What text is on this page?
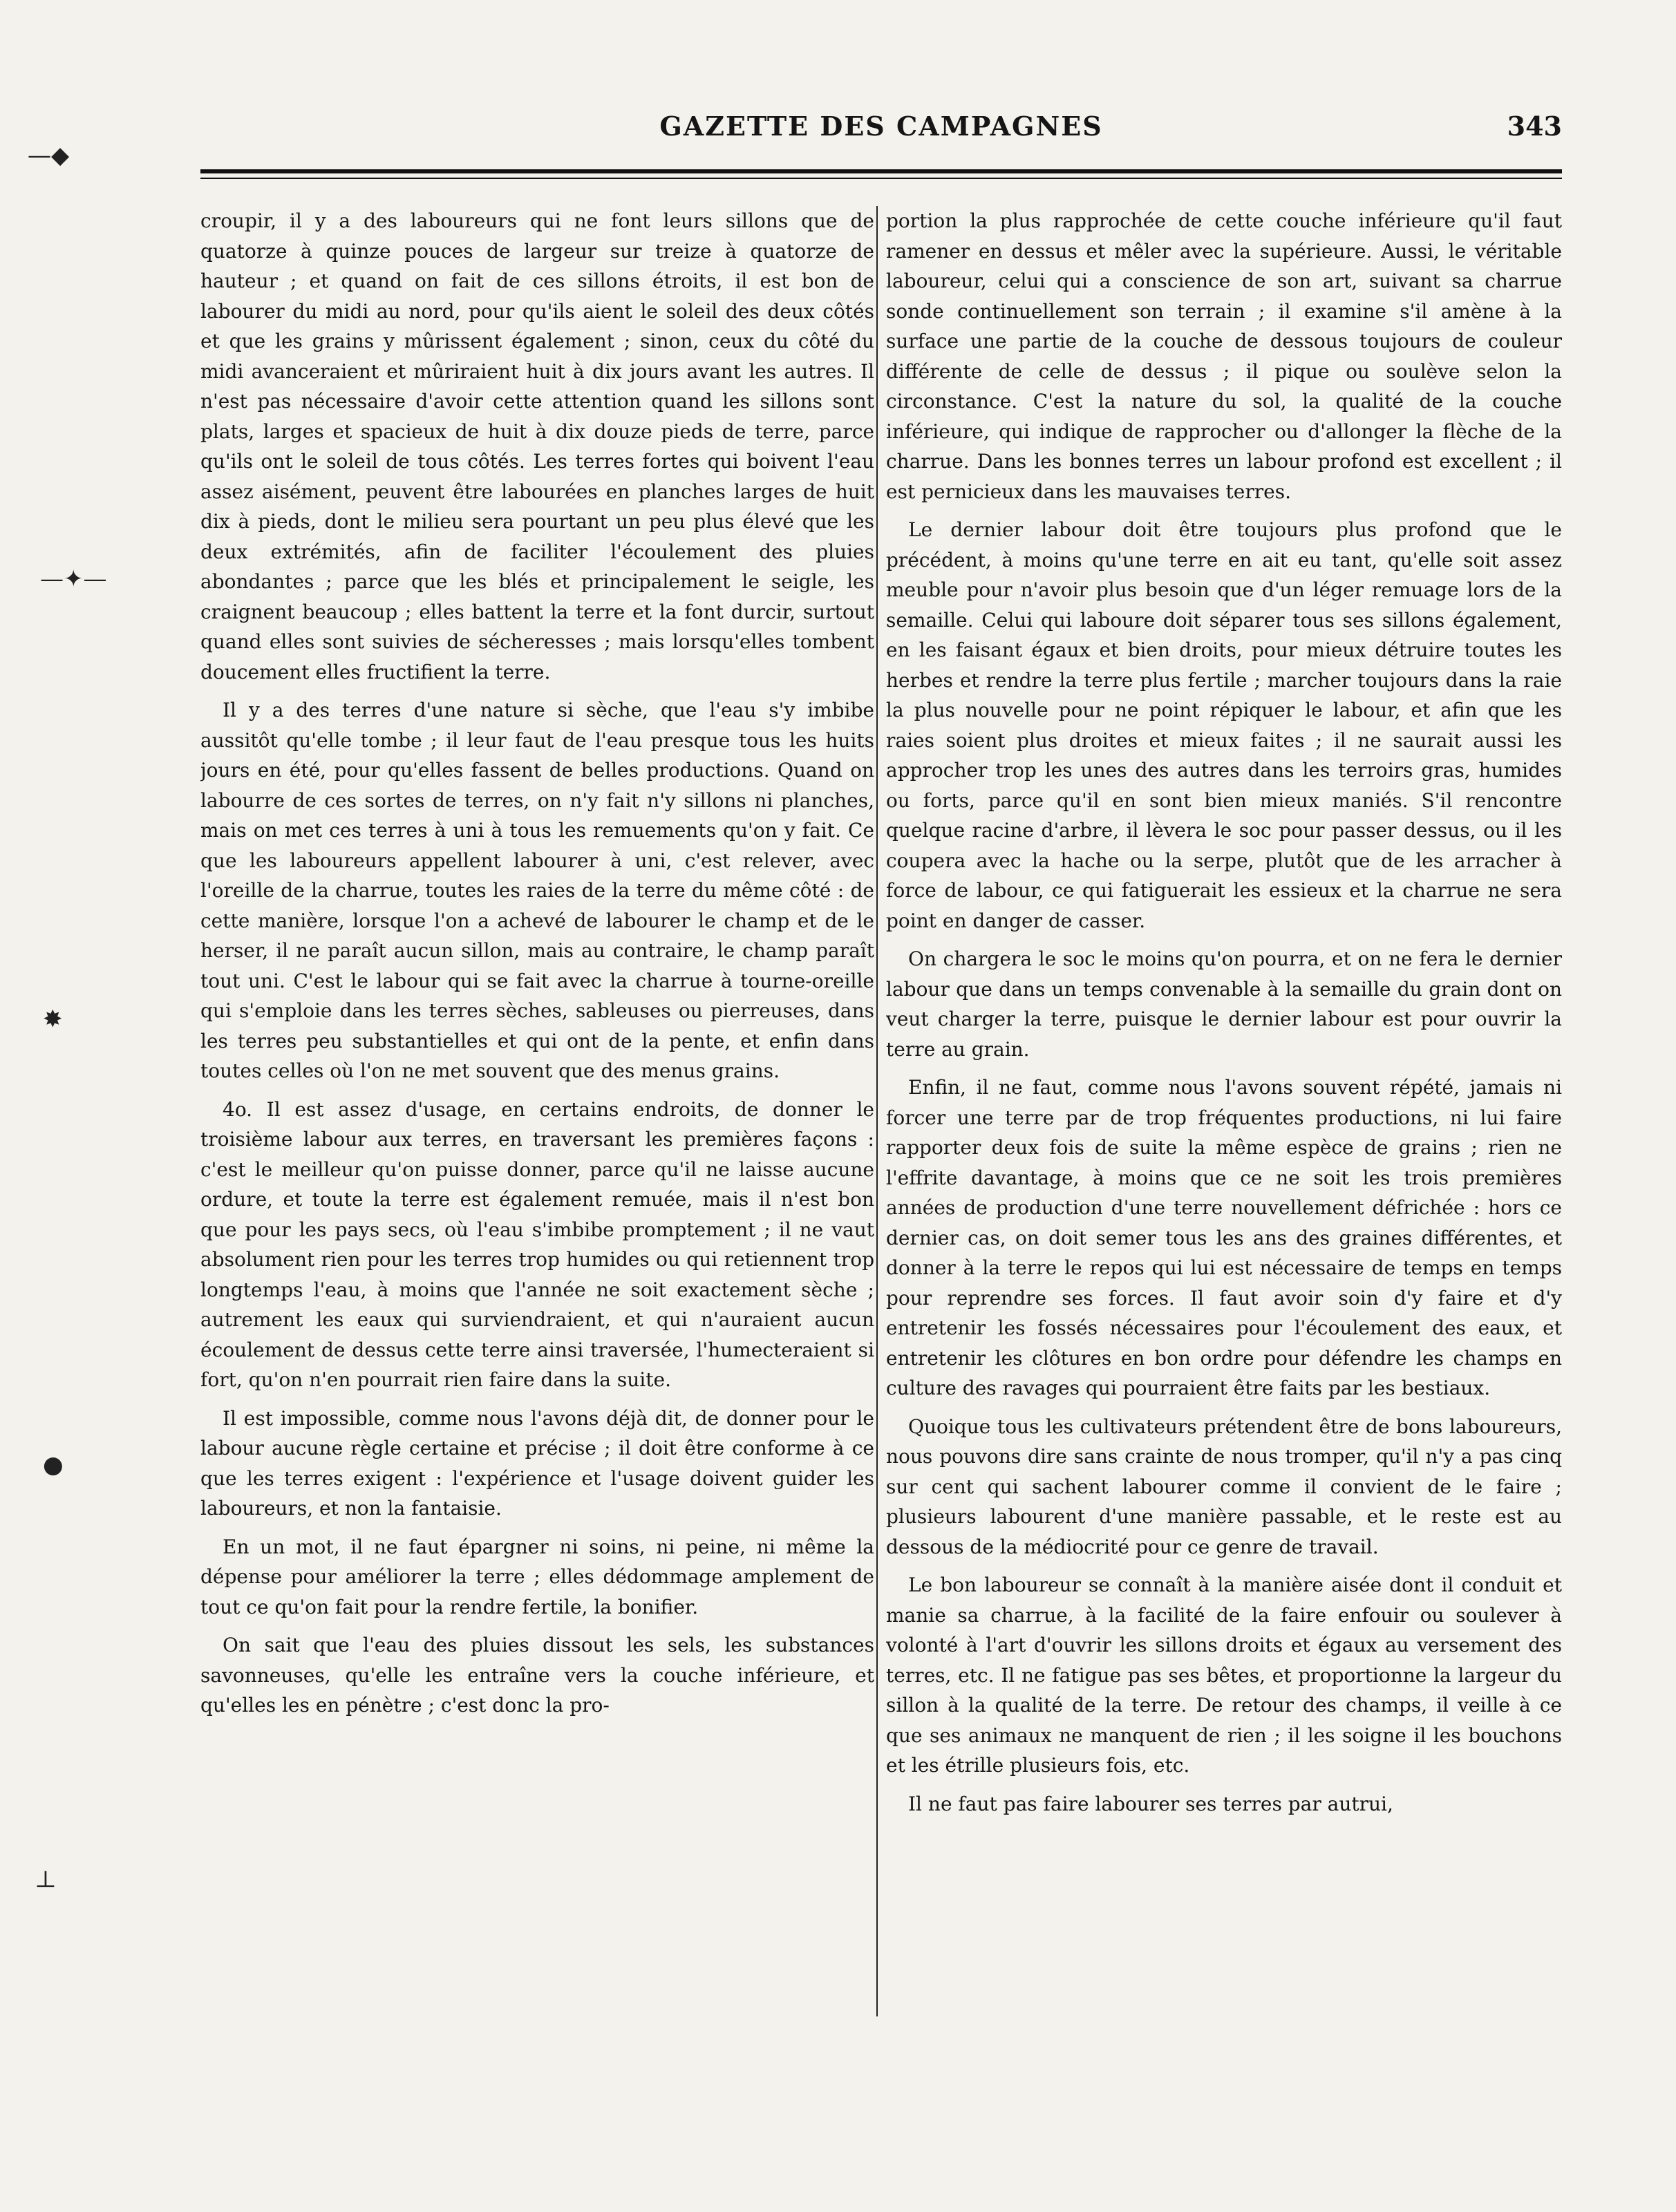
—◆
—✦—
✸
●
⊥
GAZETTE DES CAMPAGNES	343

croupir, il y a des laboureurs qui ne font leurs sillons que de quatorze à quinze pouces de largeur sur treize à quatorze de hauteur ; et quand on fait de ces sillons étroits, il est bon de labourer du midi au nord, pour qu'ils aient le soleil des deux côtés et que les grains y mûrissent également ; sinon, ceux du côté du midi avanceraient et mûriraient huit à dix jours avant les autres. Il n'est pas nécessaire d'avoir cette attention quand les sillons sont plats, larges et spacieux de huit à dix douze pieds de terre, parce qu'ils ont le soleil de tous côtés. Les terres fortes qui boivent l'eau assez aisément, peuvent être labourées en planches larges de huit dix à pieds, dont le milieu sera pourtant un peu plus élevé que les deux extrémités, afin de faciliter l'écoulement des pluies abondantes ; parce que les blés et principalement le seigle, les craignent beaucoup ; elles battent la terre et la font durcir, surtout quand elles sont suivies de sécheresses ; mais lorsqu'elles tombent doucement elles fructifient la terre.

Il y a des terres d'une nature si sèche, que l'eau s'y imbibe aussitôt qu'elle tombe ; il leur faut de l'eau presque tous les huits jours en été, pour qu'elles fassent de belles productions. Quand on labourre de ces sortes de terres, on n'y fait n'y sillons ni planches, mais on met ces terres à uni à tous les remuements qu'on y fait. Ce que les laboureurs appellent labourer à uni, c'est relever, avec l'oreille de la charrue, toutes les raies de la terre du même côté : de cette manière, lorsque l'on a achevé de labourer le champ et de le herser, il ne paraît aucun sillon, mais au contraire, le champ paraît tout uni. C'est le labour qui se fait avec la charrue à tourne-oreille qui s'emploie dans les terres sèches, sableuses ou pierreuses, dans les terres peu substantielles et qui ont de la pente, et enfin dans toutes celles où l'on ne met souvent que des menus grains.

4o. Il est assez d'usage, en certains endroits, de donner le troisième labour aux terres, en traversant les premières façons : c'est le meilleur qu'on puisse donner, parce qu'il ne laisse aucune ordure, et toute la terre est également remuée, mais il n'est bon que pour les pays secs, où l'eau s'imbibe promptement ; il ne vaut absolument rien pour les terres trop humides ou qui retiennent trop longtemps l'eau, à moins que l'année ne soit exactement sèche ; autrement les eaux qui surviendraient, et qui n'auraient aucun écoulement de dessus cette terre ainsi traversée, l'humecteraient si fort, qu'on n'en pourrait rien faire dans la suite.

Il est impossible, comme nous l'avons déjà dit, de donner pour le labour aucune règle certaine et précise ; il doit être conforme à ce que les terres exigent : l'expérience et l'usage doivent guider les laboureurs, et non la fantaisie.

En un mot, il ne faut épargner ni soins, ni peine, ni même la dépense pour améliorer la terre ; elles dédommage amplement de tout ce qu'on fait pour la rendre fertile, la bonifier.

On sait que l'eau des pluies dissout les sels, les substances savonneuses, qu'elle les entraîne vers la couche inférieure, et qu'elles les en pénètre ; c'est donc la pro-

portion la plus rapprochée de cette couche inférieure qu'il faut ramener en dessus et mêler avec la supérieure. Aussi, le véritable laboureur, celui qui a conscience de son art, suivant sa charrue sonde continuellement son terrain ; il examine s'il amène à la surface une partie de la couche de dessous toujours de couleur différente de celle de dessus ; il pique ou soulève selon la circonstance. C'est la nature du sol, la qualité de la couche inférieure, qui indique de rapprocher ou d'allonger la flèche de la charrue. Dans les bonnes terres un labour profond est excellent ; il est pernicieux dans les mauvaises terres.

Le dernier labour doit être toujours plus profond que le précédent, à moins qu'une terre en ait eu tant, qu'elle soit assez meuble pour n'avoir plus besoin que d'un léger remuage lors de la semaille. Celui qui laboure doit séparer tous ses sillons également, en les faisant égaux et bien droits, pour mieux détruire toutes les herbes et rendre la terre plus fertile ; marcher toujours dans la raie la plus nouvelle pour ne point répiquer le labour, et afin que les raies soient plus droites et mieux faites ; il ne saurait aussi les approcher trop les unes des autres dans les terroirs gras, humides ou forts, parce qu'il en sont bien mieux maniés. S'il rencontre quelque racine d'arbre, il lèvera le soc pour passer dessus, ou il les coupera avec la hache ou la serpe, plutôt que de les arracher à force de labour, ce qui fatiguerait les essieux et la charrue ne sera point en danger de casser.

On chargera le soc le moins qu'on pourra, et on ne fera le dernier labour que dans un temps convenable à la semaille du grain dont on veut charger la terre, puisque le dernier labour est pour ouvrir la terre au grain.

Enfin, il ne faut, comme nous l'avons souvent répété, jamais ni forcer une terre par de trop fréquentes productions, ni lui faire rapporter deux fois de suite la même espèce de grains ; rien ne l'effrite davantage, à moins que ce ne soit les trois premières années de production d'une terre nouvellement défrichée : hors ce dernier cas, on doit semer tous les ans des graines différentes, et donner à la terre le repos qui lui est nécessaire de temps en temps pour reprendre ses forces. Il faut avoir soin d'y faire et d'y entretenir les fossés nécessaires pour l'écoulement des eaux, et entretenir les clôtures en bon ordre pour défendre les champs en culture des ravages qui pourraient être faits par les bestiaux.

Quoique tous les cultivateurs prétendent être de bons laboureurs, nous pouvons dire sans crainte de nous tromper, qu'il n'y a pas cinq sur cent qui sachent labourer comme il convient de le faire ; plusieurs labourent d'une manière passable, et le reste est au dessous de la médiocrité pour ce genre de travail.

Le bon laboureur se connaît à la manière aisée dont il conduit et manie sa charrue, à la facilité de la faire enfouir ou soulever à volonté à l'art d'ouvrir les sillons droits et égaux au versement des terres, etc. Il ne fatigue pas ses bêtes, et proportionne la largeur du sillon à la qualité de la terre. De retour des champs, il veille à ce que ses animaux ne manquent de rien ; il les soigne il les bouchons et les étrille plusieurs fois, etc.

Il ne faut pas faire labourer ses terres par autrui,
